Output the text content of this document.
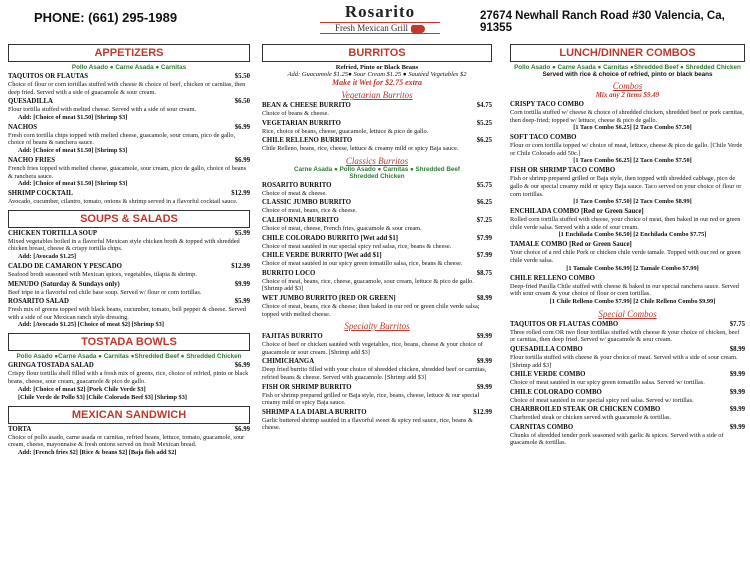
PHONE: (661) 295-1989	Rosarito
Fresh Mexican Grill
27674 Newhall Ranch Road #30 Valencia, Ca, 91355
APPETIZERS
Pollo Asado ● Carne Asada ● Carnitas
TAQUITOS OR FLAUTAS	$5.50
Choice of flour or corn tortillas stuffed with cheese & choice of beef, chicken or carnitas, then deep fried. Served with a side of guacamole & sour cream.
QUESADILLA	$6.50
Flour tortilla stuffed with melted cheese. Served with a side of sour cream.
Add: [Choice of meat $1.50] [Shrimp $3]
NACHOS	$6.99
Fresh corn tortilla chips topped with melted cheese, guacamole, sour cream, pico de gallo, choice of beans & ranchera sauce.
Add: [Choice of meat $1.50] [Shrimp $3]
NACHO FRIES	$6.99
French fries topped with melted cheese, guacamole, sour cream, pico de gallo, choice of beans & ranchera sauce.
Add: [Choice of meat $1.50] [Shrimp $3]
SHRIMP COCKTAIL	$12.99
Avocado, cucumber, cilantro, tomato, onions & shrimp served in a flavorful cocktail sauce.
SOUPS & SALADS
CHICKEN TORTILLA SOUP	$5.99
Mixed vegetables boiled in a flavorful Mexican style chicken broth & topped with shredded chicken breast, cheese & crispy tortilla chips.
Add: [Avocado $1.25]
CALDO DE CAMARON Y PESCADO	$12.99
Seafood broth seasoned with Mexican spices, vegetables, tilapia & shrimp.
MENUDO (Saturday & Sundays only)	$9.99
Beef tripe in a flavorful red chile base soup. Served w/ flour or corn tortillas.
ROSARITO SALAD	$5.99
Fresh mix of greens topped with black beans, cucumber, tomato, bell pepper & cheese. Served with a side of our Mexican ranch style dressing.
Add: [Avocado $1.25] [Choice of meat $2] [Shrimp $3]
TOSTADA BOWLS
Pollo Asado ●Carne Asada ● Carnitas ●Shredded Beef ● Shredded Chicken
GRINGA TOSTADA SALAD	$6.99
Crispy flour tortilla shell filled with a fresh mix of greens, rice, choice of refried, pinto or black beans, cheese, sour cream, guacamole & pico de gallo.
Add: [Choice of meat $2] [Pork Chile Verde $3]
[Chile Verde de Pollo $3] [Chile Colorado Beef $3] [Shrimp $3]
MEXICAN SANDWICH
TORTA	$6.99
Choice of pollo asado, carne asada or carnitas, refried beans, lettuce, tomato, guacamole, sour cream, cheese, mayonnaise & fresh onions served on fresh Mexican bread.
Add: [French fries $2] [Rice & beans $2] [Baja fish add $2]
BURRITOS
Refried, Pinto or Black Beans
Add: Guacamole $1.25● Sour Cream $1.25 ● Sautéed Vegetables $2
Make it Wet for $2.75 extra
Vegetarian Burritos
BEAN & CHEESE BURRITO	$4.75
Choice of beans & cheese.
VEGETARIAN BURRITO	$5.25
Rice, choice of beans, cheese, guacamole, lettuce & pico de gallo.
CHILE RELLENO BURRITO	$6.25
Chile Relleno, beans, rice, cheese, lettuce & creamy mild or spicy Baja sauce.
Classics Burritos
Carne Asada ● Pollo Asado ● Carnitas ● Shredded Beef
Shredded Chicken
ROSARITO BURRITO	$5.75
Choice of meat & cheese.
CLASSIC JUMBO BURRITO	$6.25
Choice of meat, beans, rice & cheese.
CALIFORNIA BURRITO	$7.25
Choice of meat, cheese, French fries, guacamole & sour cream.
CHILE COLORADO BURRITO [Wet add $1]	$7.99
Choice of meat sautéed in our special spicy red salsa, rice, beans & cheese.
CHILE VERDE BURRITO [Wet add $1]	$7.99
Choice of meat sautéed in our spicy green tomatillo salsa, rice, beans & cheese.
BURRITO LOCO	$8.75
Choice of meat, beans, rice, cheese, guacamole, sour cream, lettuce & pico de gallo. [Shrimp add $3]
WET JUMBO BURRITO [RED OR GREEN]	$8.99
Choice of meat, beans, rice & cheese; then baked in our red or green chile verde salsa; topped with melted cheese.
Specialty Burritos
FAJITAS BURRITO	$9.99
Choice of beef or chicken sautéed with vegetables, rice, beans, cheese & your choice of guacamole or sour cream. [Shrimp add $3]
CHIMICHANGA	$9.99
Deep fried burrito filled with your choice of shredded chicken, shredded beef or carnitas, refried beans & cheese. Served with guacamole. [Shrimp add $3]
FISH OR SHRIMP BURRITO	$9.99
Fish or shrimp prepared grilled or Baja style, rice, beans, cheese, lettuce & our special creamy mild or spicy Baja sauce.
SHRIMP A LA DIABLA BURRITO	$12.99
Garlic buttered shrimp sautéed in a flavorful sweet & spicy red sauce, rice, beans & cheese.
LUNCH/DINNER COMBOS
Pollo Asado ● Carne Asada ● Carnitas ●Shredded Beef ● Shredded Chicken
Served with rice & choice of refried, pinto or black beans
Combos
Mix any 2 items $9.49
CRISPY TACO COMBO
Corn tortilla stuffed w/ cheese & choice of shredded chicken, shredded beef or pork carnitas, then deep-fried; topped w/ lettuce, cheese & pico de gallo.
[1 Taco Combo $6.25] [2 Taco Combo $7.50]
SOFT TACO COMBO
Flour or corn tortilla topped w/ choice of meat, lettuce, cheese & pico de gallo. [Chile Verde or Chile Colorado add 50c.]
[1 Taco Combo $6.25] [2 Taco Combo $7.50]
FISH OR SHRIMP TACO COMBO
Fish or shrimp prepared grilled or Baja style, then topped with shredded cabbage, pico de gallo & our special creamy mild or spicy Baja sauce. Taco served on your choice of flour or corn tortillas.
[1 Taco Combo $7.50] [2 Taco Combo $8.99]
ENCHILADA COMBO [Red or Green Sauce]
Rolled corn tortilla stuffed with cheese, your choice of meat, then baked in our red or green chile verde salsa. Served with a side of sour cream.
[1 Enchilada Combo $6.50] [2 Enchilada Combo $7.75]
TAMALE COMBO [Red or Green Sauce]
Your choice of a red chile Pork or chicken chile verde tamale. Topped with our red or green chile verde salsa.
[1 Tamale Combo $6.99] [2 Tamale Combo $7.99]
CHILE RELLENO COMBO
Deep-fried Pasilla Chile stuffed with cheese & baked in our special ranchera sauce. Served with sour cream & your choice of flour or corn tortillas.
[1 Chile Relleno Combo $7.99] [2 Chile Relleno Combo $9.99]
Special Combos
TAQUITOS OR FLAUTAS COMBO	$7.75
Three rolled corn OR two flour tortillas stuffed with cheese & your choice of chicken, beef or carnitas, then deep fried. Served w/ guacamole & sour cream.
QUESADILLA COMBO	$8.99
Flour tortilla stuffed with cheese & your choice of meat. Served with a side of sour cream. [Shrimp add $3]
CHILE VERDE COMBO	$9.99
Choice of meat sautéed in our spicy green tomatillo salsa. Served w/ tortillas.
CHILE COLORADO COMBO	$9.99
Choice of meat sautéed in our special spicy red salsa. Served w/ tortillas.
CHARBROILED STEAK OR CHICKEN COMBO	$9.99
Charbroiled steak or chicken served with guacamole & tortillas.
CARNITAS COMBO	$9.99
Chunks of shredded tender pork seasoned with garlic & spices. Served with a side of guacamole & tortillas.
